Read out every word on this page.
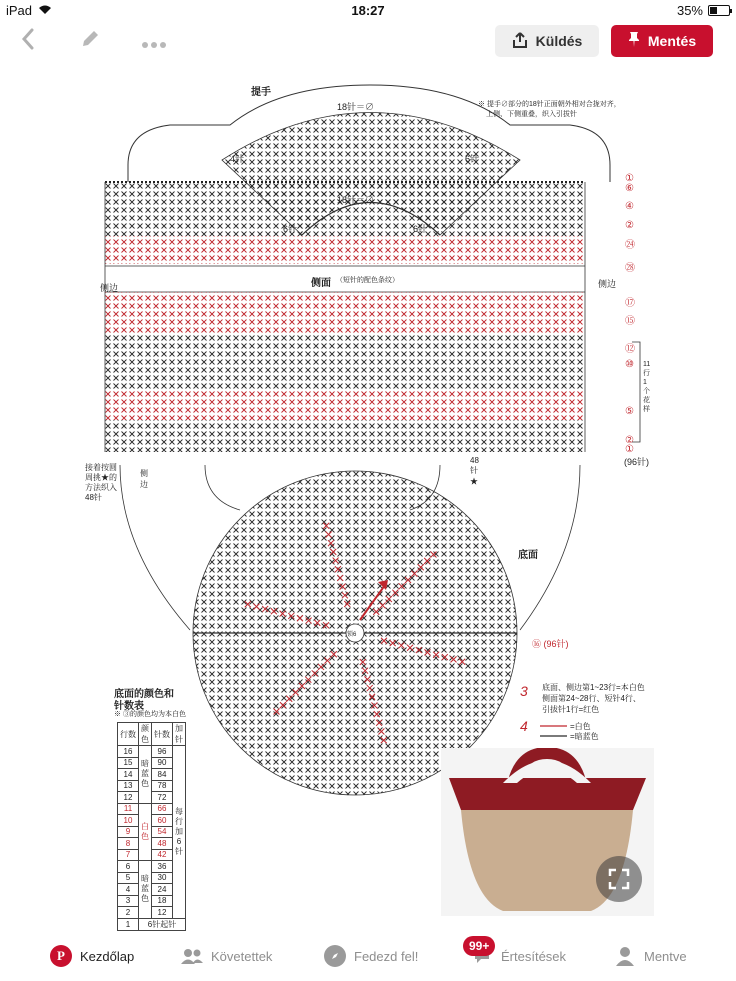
iPad	18:27	35%
Küldés	Mentés
提手
18针＝∅	※ 提手∅部分的18针正面朝外相对合拢对齐，
上侧、下侧重叠，织入引拔针
4针	6针
18针＝∅
6针	6针
侧面 （短针的配色条纹）
侧边	侧边
①
⑥
④
②
㉔
㉘
⑰
⑮
⑫
⑩
⑤
②
①
11行1个花样
(96针)
接着按圆
周挑★的
方法织入
48针
侧边
48针★
底面
锁6
⑯ (96针)
3 底面、侧边第1~23行=本白色
侧面第24~28行、短针4行、
引拔针1行=红色
4	=白色
=暗蓝色
底面的颜色和
针数表
※ ③的颜色均为本白色
行数	颜色	针数	加针
16	暗蓝色	96	每行加6针
15		90	
14		84	
13		78	
12		72	
11	白色	66	
10		60	
9		54	
8		48	
7		42	
6	暗蓝色	36	
5		30	
4		24	
3		18	
2		12	
1	6针起针		
P	Kezdőlap	Követettek	Fedezd fel!	Értesítések	Mentve
99+
